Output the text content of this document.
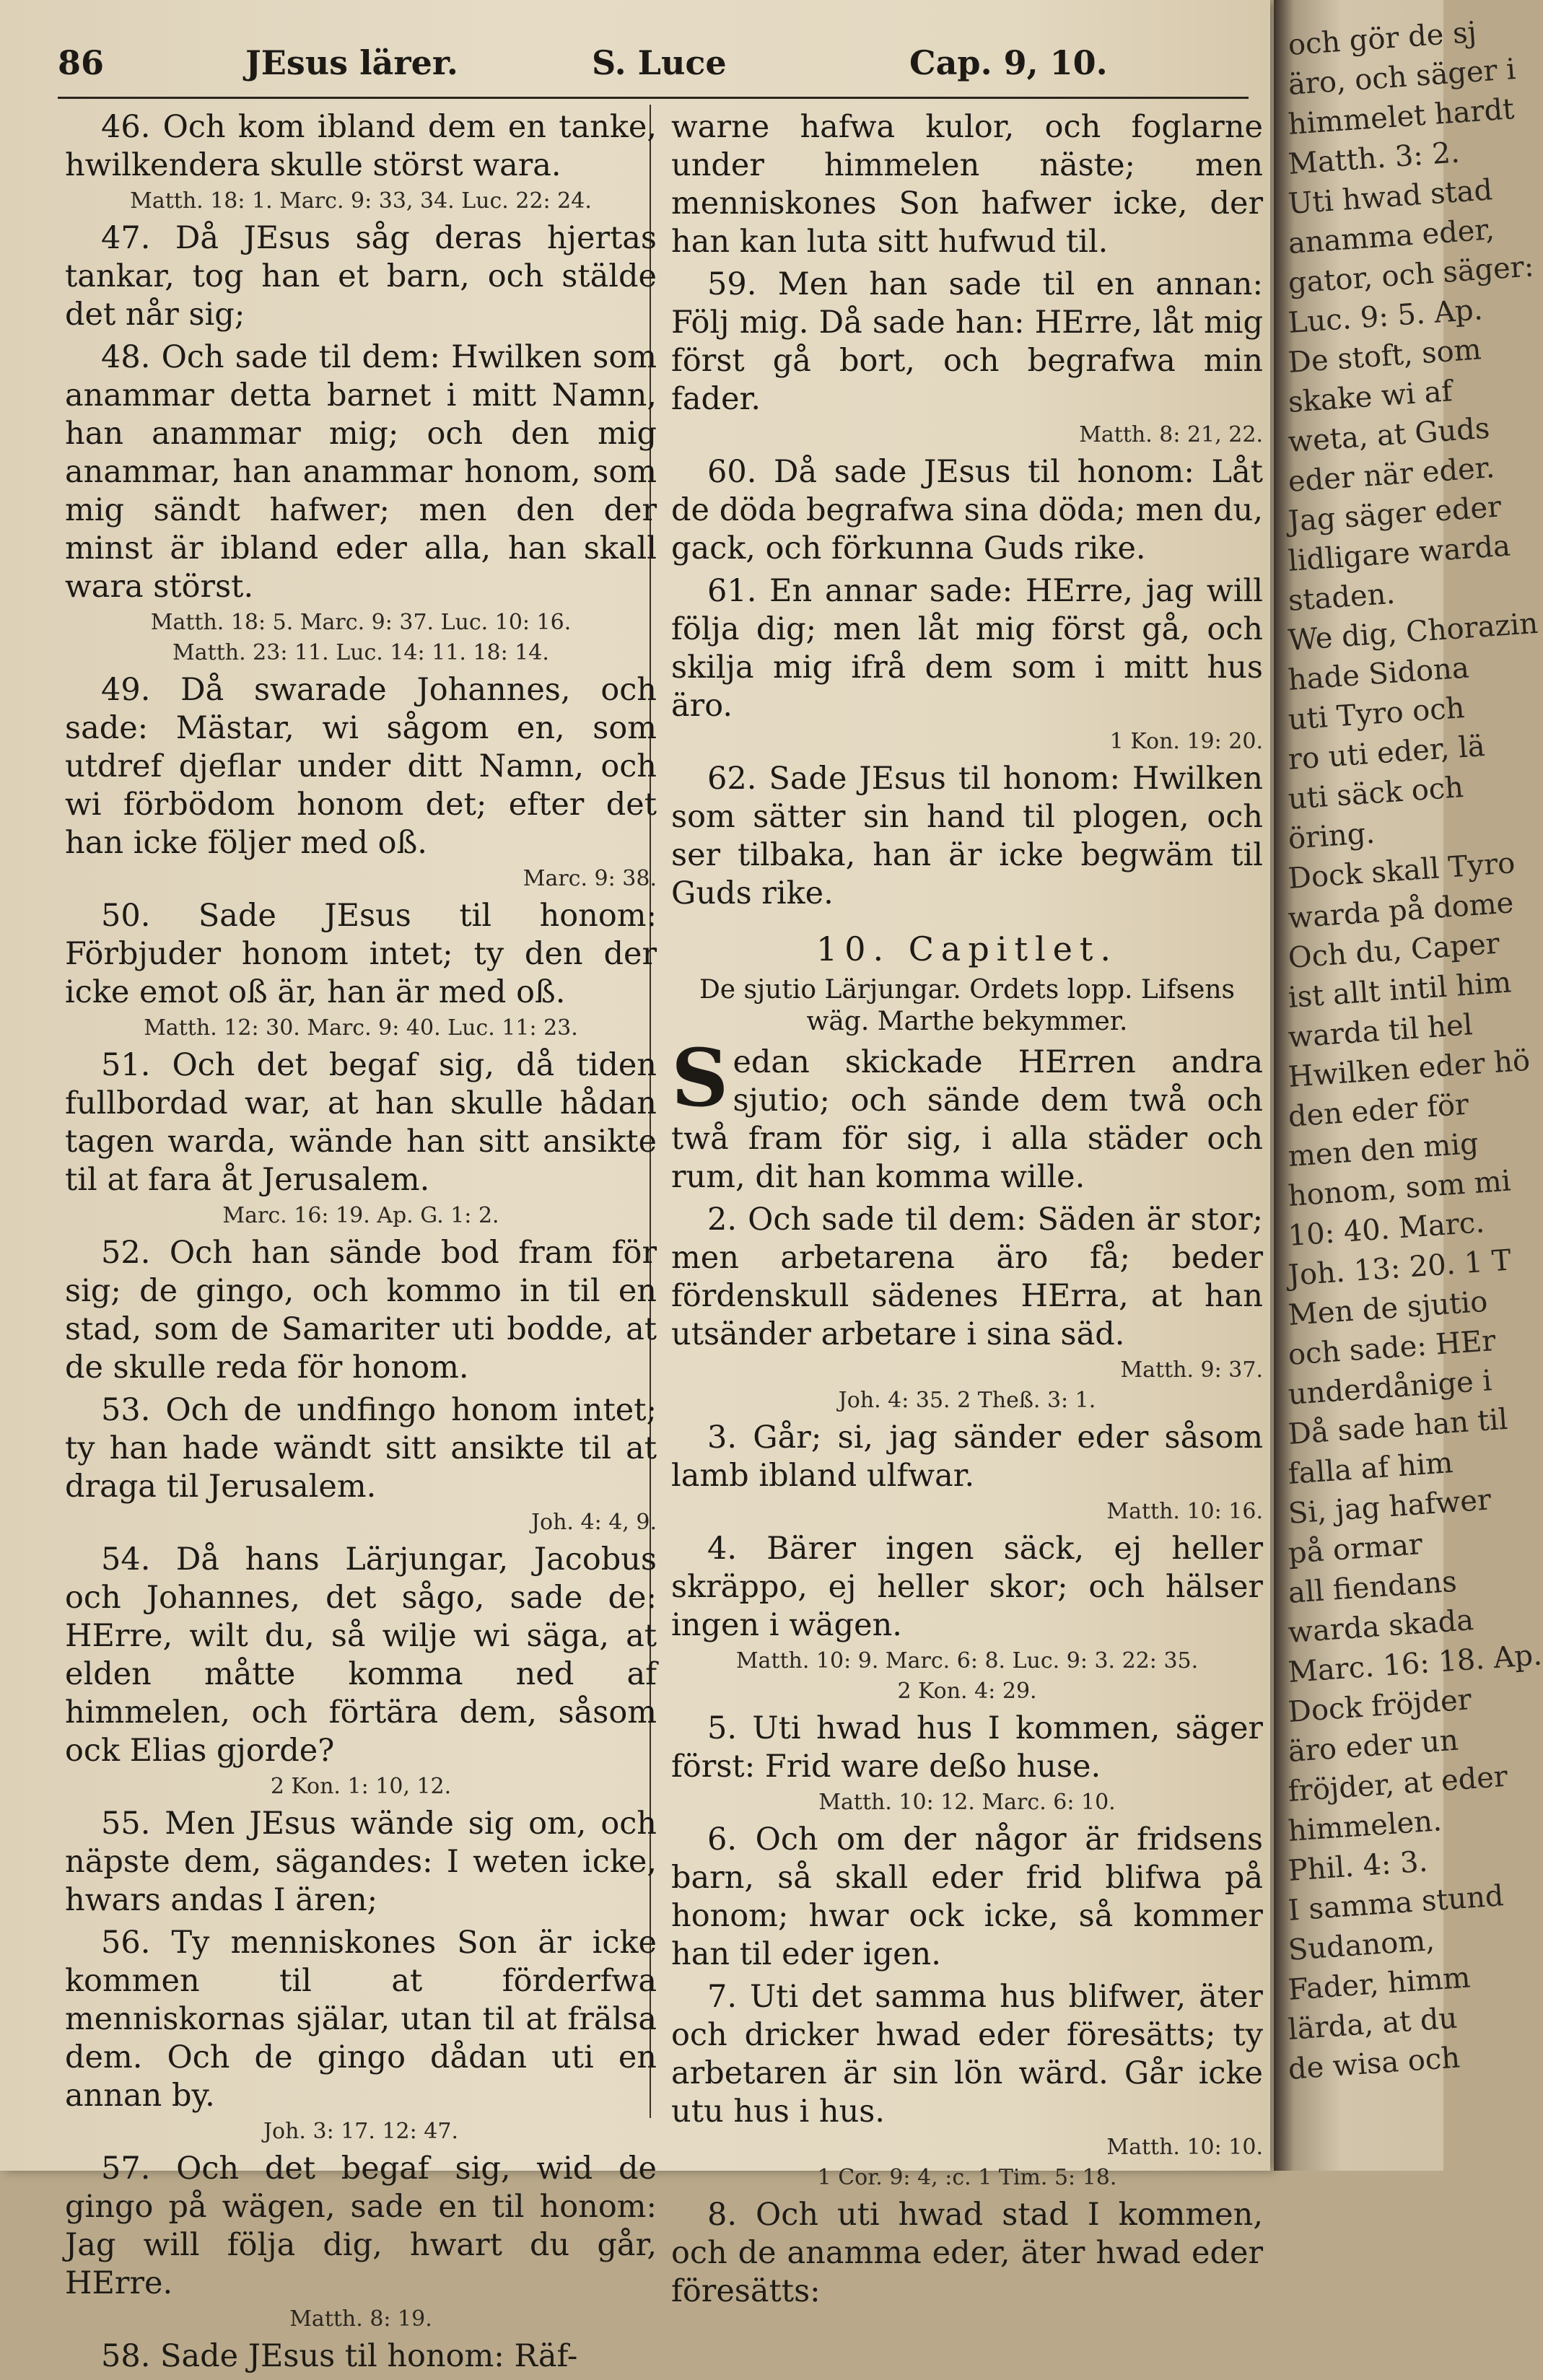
86	JEsus lärer.	S. Luce	Cap. 9, 10.

46. Och kom ibland dem en tanke, hwilkendera skulle störst wara.

Matth. 18: 1. Marc. 9: 33, 34. Luc. 22: 24.

47. Då JEsus såg deras hjertas tankar, tog han et barn, och stälde det når sig;

48. Och sade til dem: Hwilken som anammar detta barnet i mitt Namn, han anammar mig; och den mig anammar, han anammar honom, som mig sändt hafwer; men den der minst är ibland eder alla, han skall wara störst.

Matth. 18: 5. Marc. 9: 37. Luc. 10: 16.
Matth. 23: 11. Luc. 14: 11. 18: 14.

49. Då swarade Johannes, och sade: Mästar, wi sågom en, som utdref djeflar under ditt Namn, och wi förbödom honom det; efter det han icke följer med oß.

Marc. 9: 38.

50. Sade JEsus til honom: Förbjuder honom intet; ty den der icke emot oß är, han är med oß.

Matth. 12: 30. Marc. 9: 40. Luc. 11: 23.

51. Och det begaf sig, då tiden fullbordad war, at han skulle hådan tagen warda, wände han sitt ansikte til at fara åt Jerusalem.

Marc. 16: 19. Ap. G. 1: 2.

52. Och han sände bod fram för sig; de gingo, och kommo in til en stad, som de Samariter uti bodde, at de skulle reda för honom.

53. Och de undfingo honom intet; ty han hade wändt sitt ansikte til at draga til Jerusalem.

Joh. 4: 4, 9.

54. Då hans Lärjungar, Jacobus och Johannes, det sågo, sade de: HErre, wilt du, så wilje wi säga, at elden måtte komma ned af himmelen, och förtära dem, såsom ock Elias gjorde?

2 Kon. 1: 10, 12.

55. Men JEsus wände sig om, och näpste dem, sägandes: I weten icke, hwars andas I ären;

56. Ty menniskones Son är icke kommen til at förderfwa menniskornas själar, utan til at frälsa dem. Och de gingo dådan uti en annan by.

Joh. 3: 17. 12: 47.

57. Och det begaf sig, wid de gingo på wägen, sade en til honom: Jag will följa dig, hwart du går, HErre.

Matth. 8: 19.

58. Sade JEsus til honom: Räf-

warne hafwa kulor, och foglarne under himmelen näste; men menniskones Son hafwer icke, der han kan luta sitt hufwud til.

59. Men han sade til en annan: Följ mig. Då sade han: HErre, låt mig först gå bort, och begrafwa min fader.

Matth. 8: 21, 22.

60. Då sade JEsus til honom: Låt de döda begrafwa sina döda; men du, gack, och förkunna Guds rike.

61. En annar sade: HErre, jag will följa dig; men låt mig först gå, och skilja mig ifrå dem som i mitt hus äro.

1 Kon. 19: 20.

62. Sade JEsus til honom: Hwilken som sätter sin hand til plogen, och ser tilbaka, han är icke begwäm til Guds rike.

10. Capitlet.
De sjutio Lärjungar. Ordets lopp. Lifsens wäg. Marthe bekymmer.

Sedan skickade HErren andra sjutio; och sände dem twå och twå fram för sig, i alla städer och rum, dit han komma wille.

2. Och sade til dem: Säden är stor; men arbetarena äro få; beder fördenskull sädenes HErra, at han utsänder arbetare i sina säd.

Matth. 9: 37.
Joh. 4: 35. 2 Theß. 3: 1.

3. Går; si, jag sänder eder såsom lamb ibland ulfwar.

Matth. 10: 16.

4. Bärer ingen säck, ej heller skräppo, ej heller skor; och hälser ingen i wägen.

Matth. 10: 9. Marc. 6: 8. Luc. 9: 3. 22: 35.
2 Kon. 4: 29.

5. Uti hwad hus I kommen, säger först: Frid ware deßo huse.

Matth. 10: 12. Marc. 6: 10.

6. Och om der någor är fridsens barn, så skall eder frid blifwa på honom; hwar ock icke, så kommer han til eder igen.

7. Uti det samma hus blifwer, äter och dricker hwad eder föresätts; ty arbetaren är sin lön wärd. Går icke utu hus i hus.

Matth. 10: 10.
1 Cor. 9: 4, :c. 1 Tim. 5: 18.

8. Och uti hwad stad I kommen, och de anamma eder, äter hwad eder föresätts:

och gör de sj
äro, och säger i
himmelet hardt
Matth. 3: 2.
Uti hwad stad
anamma eder,
gator, och säger:
Luc. 9: 5. Ap.
De stoft, som
skake wi af
weta, at Guds
eder när eder.
Jag säger eder
lidligare warda
staden.
We dig, Chorazin
hade Sidona
uti Tyro och
ro uti eder, lä
uti säck och
öring.
Dock skall Tyro
warda på dome
Och du, Caper
ist allt intil him
warda til hel
Hwilken eder hö
den eder för
men den mig
honom, som mi
10: 40. Marc.
Joh. 13: 20. 1 T
Men de sjutio
och sade: HEr
underdånige i
Då sade han til
falla af him
Si, jag hafwer
på ormar
all fiendans
warda skada
Marc. 16: 18. Ap.
Dock fröjder
äro eder un
fröjder, at eder
himmelen.
Phil. 4: 3.
I samma stund
Sudanom,
Fader, himm
lärda, at du
de wisa och
